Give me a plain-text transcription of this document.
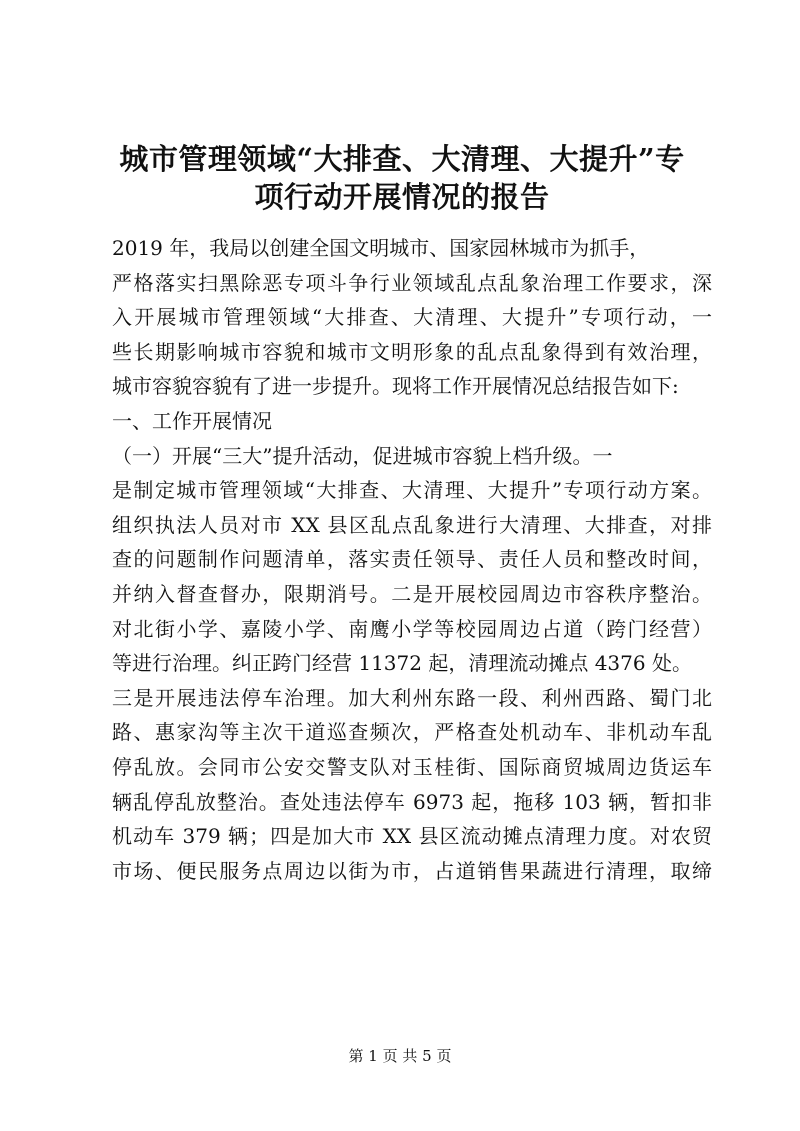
城市管理领域“大排查、大清理、大提升”专
项行动开展情况的报告
2019 年，我局以创建全国文明城市、国家园林城市为抓手，
严格落实扫黑除恶专项斗争行业领域乱点乱象治理工作要求，深
入开展城市管理领域“大排查、大清理、大提升”专项行动，一
些长期影响城市容貌和城市文明形象的乱点乱象得到有效治理，
城市容貌容貌有了进一步提升。现将工作开展情况总结报告如下:
一、工作开展情况
（一）开展“三大”提升活动，促进城市容貌上档升级。一
是制定城市管理领域“大排查、大清理、大提升”专项行动方案。
组织执法人员对市 XX 县区乱点乱象进行大清理、大排查，对排
查的问题制作问题清单，落实责任领导、责任人员和整改时间，
并纳入督查督办，限期消号。二是开展校园周边市容秩序整治。
对北街小学、嘉陵小学、南鹰小学等校园周边占道（跨门经营）
等进行治理。纠正跨门经营 11372 起，清理流动摊点 4376 处。
三是开展违法停车治理。加大利州东路一段、利州西路、蜀门北
路、惠家沟等主次干道巡查频次，严格查处机动车、非机动车乱
停乱放。会同市公安交警支队对玉桂街、国际商贸城周边货运车
辆乱停乱放整治。查处违法停车 6973 起，拖移 103 辆，暂扣非
机动车 379 辆；四是加大市 XX 县区流动摊点清理力度。对农贸
市场、便民服务点周边以街为市，占道销售果蔬进行清理，取缔
第 1 页 共 5 页
